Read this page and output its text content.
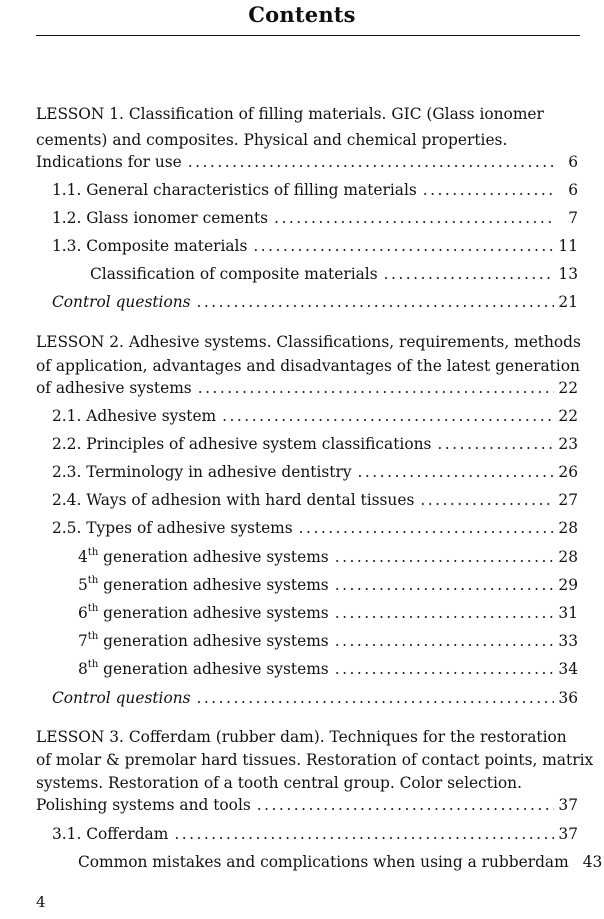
Contents
LESSON 1. Classification of filling materials. GIC (Glass ionomer
cements) and composites. Physical and chemical properties.
Indications for use . . .	6
1.1. General characteristics of filling materials . . .	6
1.2. Glass ionomer cements . . .	7
1.3. Composite materials . . .	11
Classification of composite materials . . .	13
Control questions . . .	21
LESSON 2. Adhesive systems. Classifications, requirements, methods
of application, advantages and disadvantages of the latest generation
of adhesive systems . . .	22
2.1. Adhesive system . . .	22
2.2. Principles of adhesive system classifications . . .	23
2.3. Terminology in adhesive dentistry . . .	26
2.4. Ways of adhesion with hard dental tissues . . .	27
2.5. Types of adhesive systems . . .	28
4th generation adhesive systems . . .	28
5th generation adhesive systems . . .	29
6th generation adhesive systems . . .	31
7th generation adhesive systems . . .	33
8th generation adhesive systems . . .	34
Control questions . . .	36
LESSON 3. Cofferdam (rubber dam). Techniques for the restoration
of molar & premolar hard tissues. Restoration of contact points, matrix
systems. Restoration of a tooth central group. Color selection.
Polishing systems and tools . . .	37
3.1. Cofferdam . . .	37
Common mistakes and complications when using a rubberdam 43
4
